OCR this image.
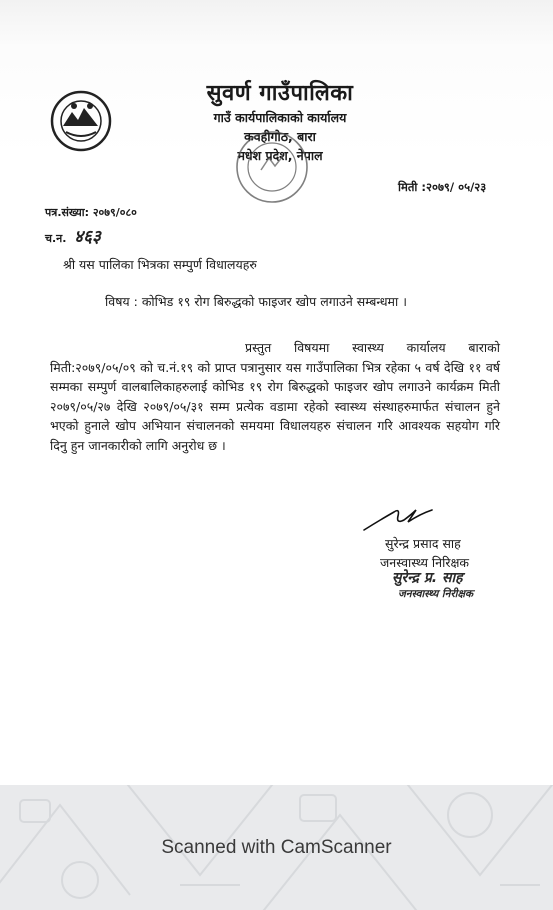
सुवर्ण गाउँपालिका

गाउँ कार्यपालिकाको कार्यालय

कवहीगोठ, बारा

मधेश प्रदेश, नेपाल

मिती :२०७९/ ०५/२३
पत्र.संख्या: २०७९/०८०
च.न. ४६३
श्री यस पालिका भित्रका सम्पुर्ण विधालयहरु
विषय : कोभिड १९ रोग बिरुद्धको फाइजर खोप लगाउने सम्बन्धमा ।

प्रस्तुत विषयमा स्वास्थ्य कार्यालय बाराको मिती:२०७९/०५/०९ को च.नं.१९ को प्राप्त पत्रानुसार यस गाउँपालिका भित्र रहेका ५ वर्ष देखि ११ वर्ष सम्मका सम्पुर्ण वालबालिकाहरुलाई कोभिड १९ रोग बिरुद्धको फाइजर खोप लगाउने कार्यक्रम मिती २०७९/०५/२७ देखि २०७९/०५/३१ सम्म प्रत्येक वडामा रहेको स्वास्थ्य संस्थाहरुमार्फत संचालन हुने भएको हुनाले खोप अभियान संचालनको समयमा विधालयहरु संचालन गरि आवश्यक सहयोग गरि दिनु हुन जानकारीको लागि अनुरोध छ ।

सुरेन्द्र प्रसाद साह
जनस्वास्थ्य निरिक्षक
सुरेन्द्र प्र. साह
जनस्वास्थ्य निरीक्षक

Scanned with CamScanner
